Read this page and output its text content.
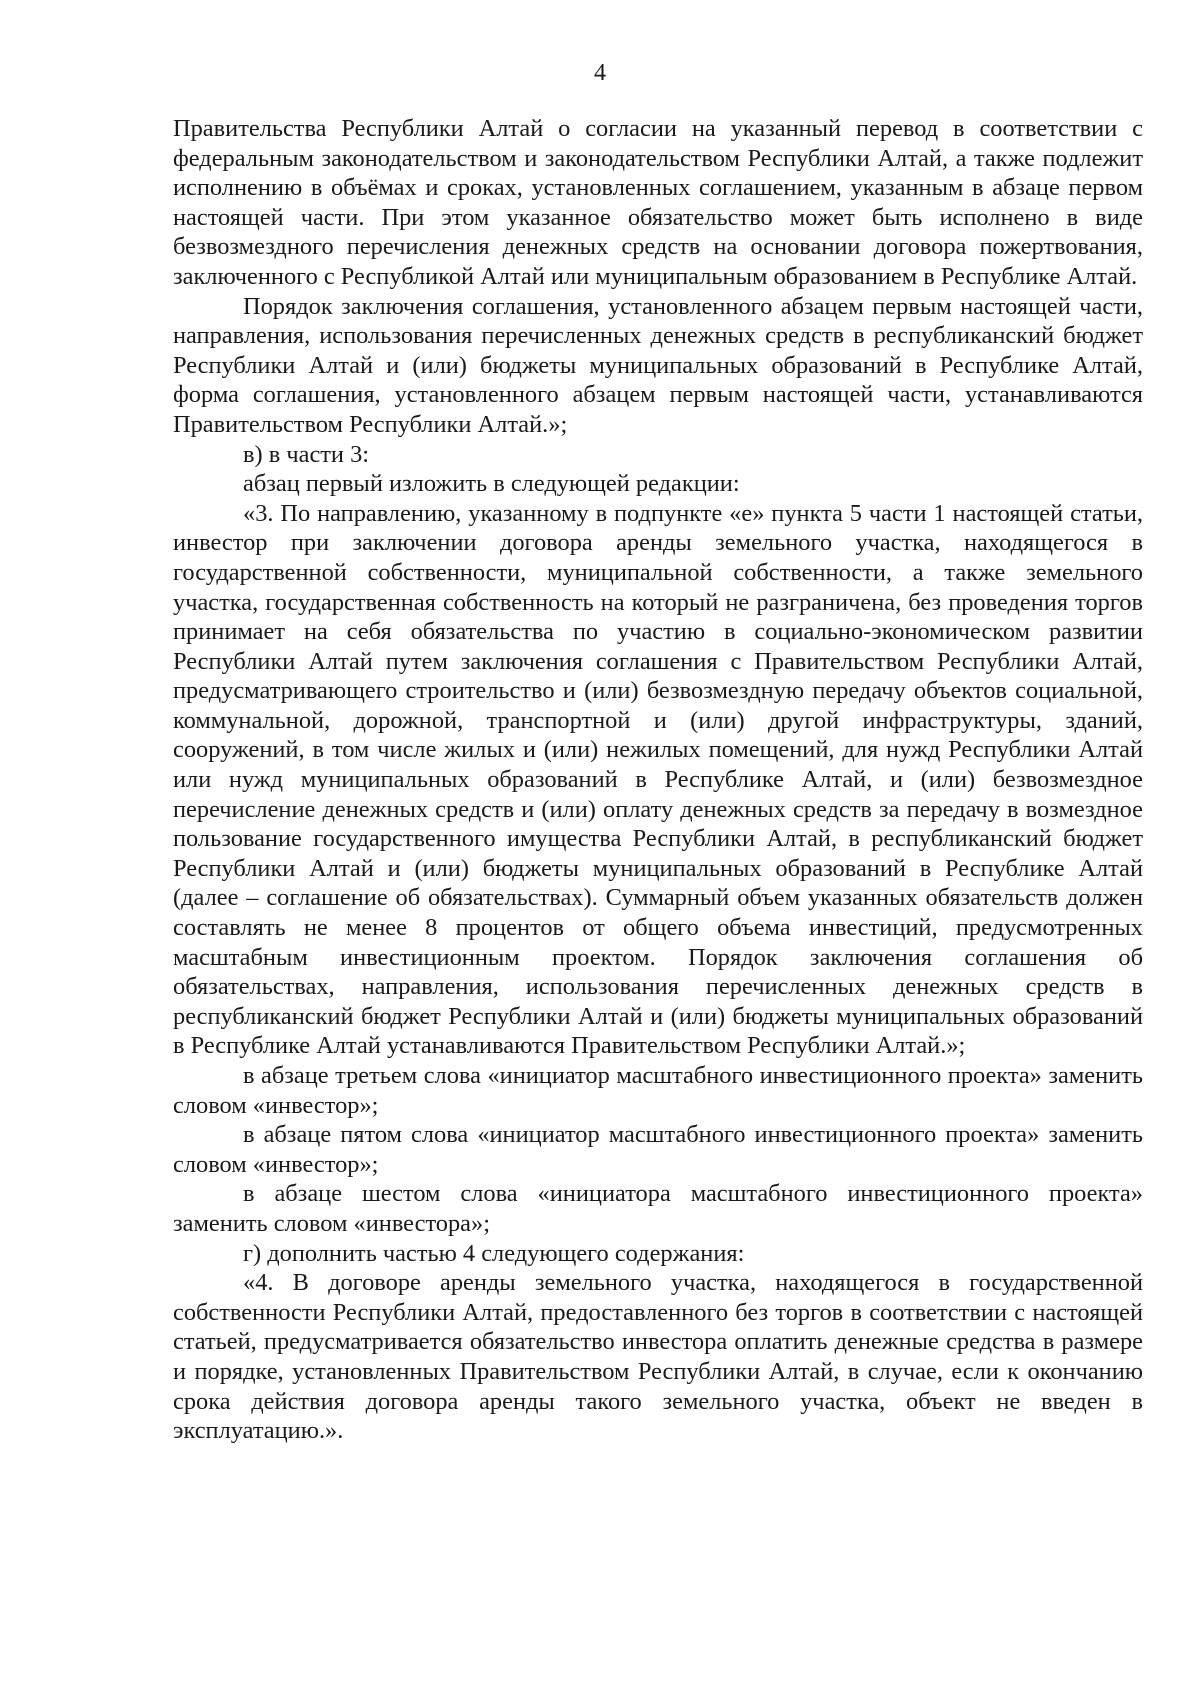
4

Правительства Республики Алтай о согласии на указанный перевод в соответствии с федеральным законодательством и законодательством Республики Алтай, а также подлежит исполнению в объёмах и сроках, установленных соглашением, указанным в абзаце первом настоящей части. При этом указанное обязательство может быть исполнено в виде безвозмездного перечисления денежных средств на основании договора пожертвования, заключенного с Республикой Алтай или муниципальным образованием в Республике Алтай.

Порядок заключения соглашения, установленного абзацем первым настоящей части, направления, использования перечисленных денежных средств в республиканский бюджет Республики Алтай и (или) бюджеты муниципальных образований в Республике Алтай, форма соглашения, установленного абзацем первым настоящей части, устанавливаются Правительством Республики Алтай.»;

в) в части 3:

абзац первый изложить в следующей редакции:

«3. По направлению, указанному в подпункте «е» пункта 5 части 1 настоящей статьи, инвестор при заключении договора аренды земельного участка, находящегося в государственной собственности, муниципальной собственности, а также земельного участка, государственная собственность на который не разграничена, без проведения торгов принимает на себя обязательства по участию в социально-экономическом развитии Республики Алтай путем заключения соглашения с Правительством Республики Алтай, предусматривающего строительство и (или) безвозмездную передачу объектов социальной, коммунальной, дорожной, транспортной и (или) другой инфраструктуры, зданий, сооружений, в том числе жилых и (или) нежилых помещений, для нужд Республики Алтай или нужд муниципальных образований в Республике Алтай, и (или) безвозмездное перечисление денежных средств и (или) оплату денежных средств за передачу в возмездное пользование государственного имущества Республики Алтай, в республиканский бюджет Республики Алтай и (или) бюджеты муниципальных образований в Республике Алтай (далее – соглашение об обязательствах). Суммарный объем указанных обязательств должен составлять не менее 8 процентов от общего объема инвестиций, предусмотренных масштабным инвестиционным проектом. Порядок заключения соглашения об обязательствах, направления, использования перечисленных денежных средств в республиканский бюджет Республики Алтай и (или) бюджеты муниципальных образований в Республике Алтай устанавливаются Правительством Республики Алтай.»;

в абзаце третьем слова «инициатор масштабного инвестиционного проекта» заменить словом «инвестор»;

в абзаце пятом слова «инициатор масштабного инвестиционного проекта» заменить словом «инвестор»;

в абзаце шестом слова «инициатора масштабного инвестиционного проекта» заменить словом «инвестора»;

г) дополнить частью 4 следующего содержания:

«4. В договоре аренды земельного участка, находящегося в государственной собственности Республики Алтай, предоставленного без торгов в соответствии с настоящей статьей, предусматривается обязательство инвестора оплатить денежные средства в размере и порядке, установленных Правительством Республики Алтай, в случае, если к окончанию срока действия договора аренды такого земельного участка, объект не введен в эксплуатацию.».
